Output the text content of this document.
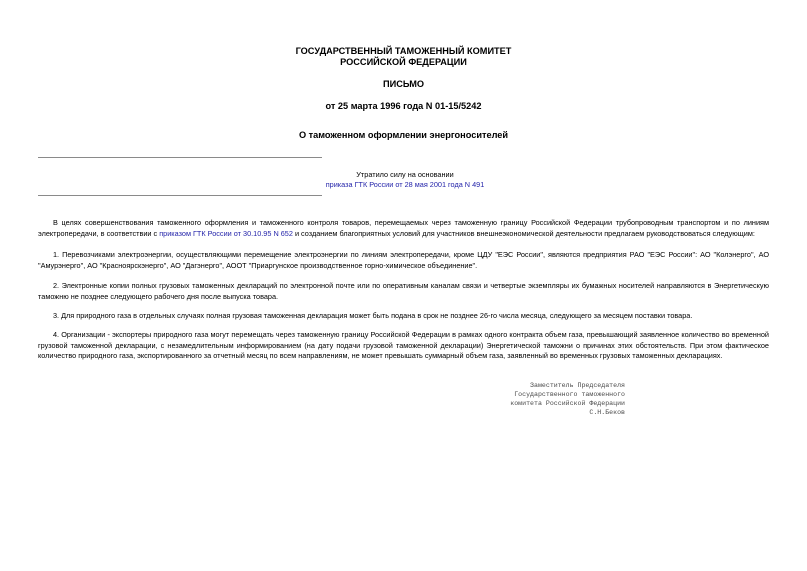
ГОСУДАРСТВЕННЫЙ ТАМОЖЕННЫЙ КОМИТЕТ
РОССИЙСКОЙ ФЕДЕРАЦИИ
ПИСЬМО
от 25 марта 1996 года N 01-15/5242
О таможенном оформлении энергоносителей
Утратило силу на основании
приказа ГТК России от 28 мая 2001 года N 491
В целях совершенствования таможенного оформления и таможенного контроля товаров, перемещаемых через таможенную границу Российской Федерации трубопроводным транспортом и по линиям электропередачи, в соответствии с приказом ГТК России от 30.10.95 N 652 и созданием благоприятных условий для участников внешнеэкономической деятельности предлагаем руководствоваться следующим:
1. Перевозчиками электроэнергии, осуществляющими перемещение электроэнергии по линиям электропередачи, кроме ЦДУ "ЕЭС России", являются предприятия РАО "ЕЭС России": АО "Колэнерго", АО "Амурэнерго", АО "Красноярскэнерго", АО "Дагэнерго", АООТ "Приаргунское производственное горно-химическое объединение".
2. Электронные копии полных грузовых таможенных деклараций по электронной почте или по оперативным каналам связи и четвертые экземпляры их бумажных носителей направляются в Энергетическую таможню не позднее следующего рабочего дня после выпуска товара.
3. Для природного газа в отдельных случаях полная грузовая таможенная декларация может быть подана в срок не позднее 26-го числа месяца, следующего за месяцем поставки товара.
4. Организации - экспортеры природного газа могут перемещать через таможенную границу Российской Федерации в рамках одного контракта объем газа, превышающий заявленное количество во временной грузовой таможенной декларации, с незамедлительным информированием (на дату подачи грузовой таможенной декларации) Энергетической таможни о причинах этих обстоятельств. При этом фактическое количество природного газа, экспортированного за отчетный месяц по всем направлениям, не может превышать суммарный объем газа, заявленный во временных грузовых таможенных декларациях.
Заместитель Председателя
Государственного таможенного
комитета Российской Федерации
С.Н.Беков
